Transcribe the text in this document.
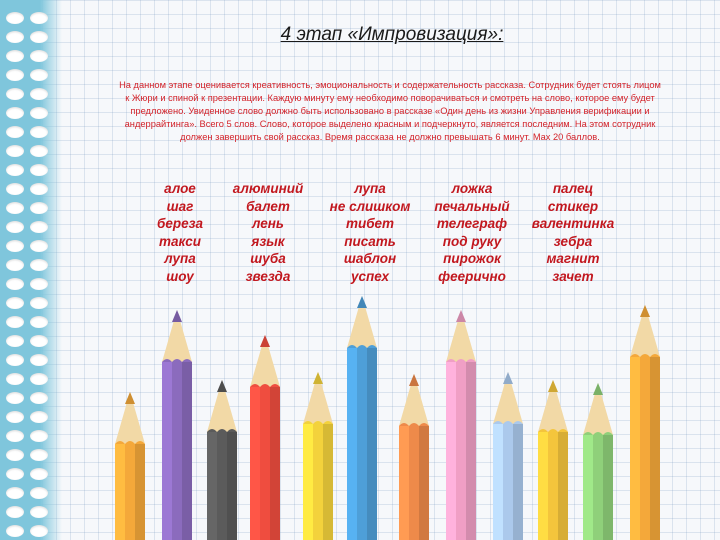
4 этап «Импровизация»:
На данном этапе оценивается креативность, эмоциональность и содержательность рассказа. Сотрудник будет стоять лицом к Жюри и спиной к презентации. Каждую минуту ему необходимо поворачиваться и смотреть на слово, которое ему будет предложено. Увиденное слово должно быть использовано в рассказе «Один день из жизни Управления верификации и андеррайтинга». Всего 5 слов. Слово, которое выделено красным и подчеркнуто, является последним. На этом сотрудник должен завершить свой рассказ. Время рассказа не должно превышать 6 минут. Max 20 баллов.
алое
шаг
береза
такси
лупа
шоу
алюминий
балет
лень
язык
шуба
звезда
лупа
не слишком
тибет
писать
шаблон
успех
ложка
печальный
телеграф
под руку
пирожок
феерично
палец
стикер
валентинка
зебра
магнит
зачет
